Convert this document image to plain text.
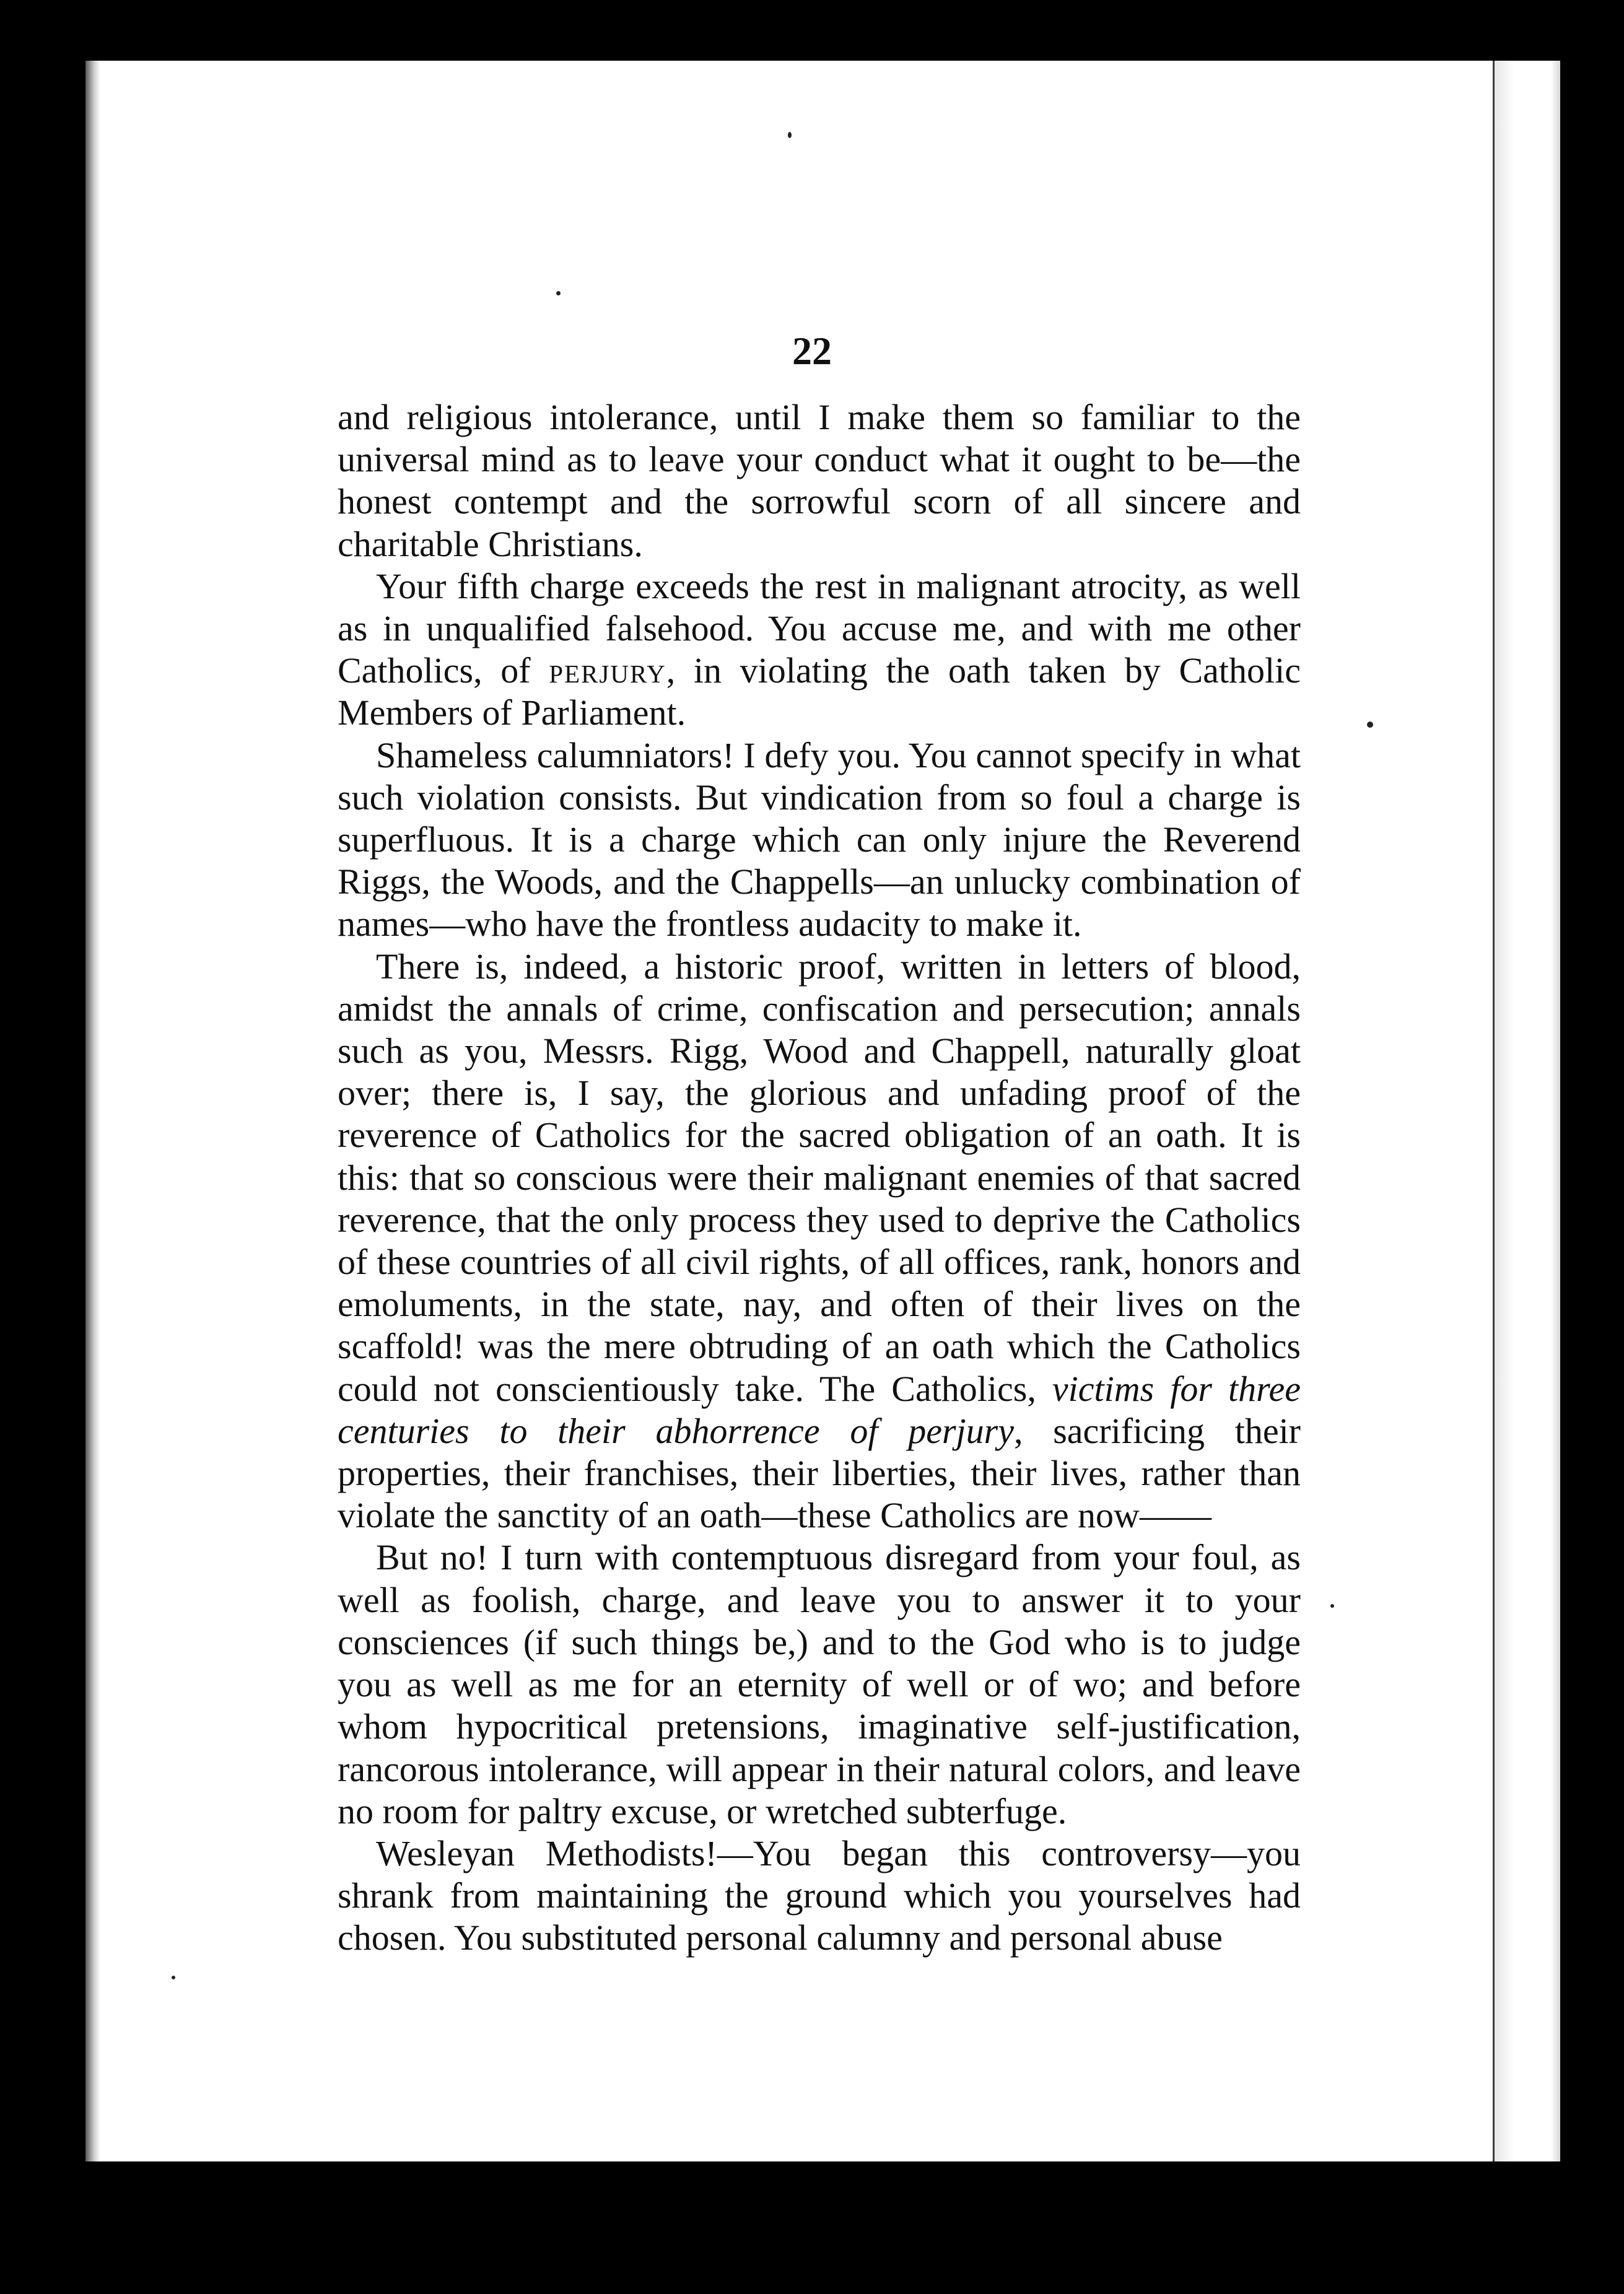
22

and religious intolerance, until I make them so familiar to the universal mind as to leave your conduct what it ought to be—the honest contempt and the sorrowful scorn of all sincere and charitable Christians.

Your fifth charge exceeds the rest in malignant atrocity, as well as in unqualified falsehood. You accuse me, and with me other Catholics, of perjury, in violating the oath taken by Catholic Members of Parliament.

Shameless calumniators! I defy you. You cannot specify in what such violation consists. But vindication from so foul a charge is superfluous. It is a charge which can only injure the Reverend Riggs, the Woods, and the Chappells—an unlucky combination of names—who have the frontless audacity to make it.

There is, indeed, a historic proof, written in letters of blood, amidst the annals of crime, confiscation and persecution; annals such as you, Messrs. Rigg, Wood and Chappell, naturally gloat over; there is, I say, the glorious and unfading proof of the reverence of Catholics for the sacred obligation of an oath. It is this: that so conscious were their malignant enemies of that sacred reverence, that the only process they used to deprive the Catholics of these countries of all civil rights, of all offices, rank, honors and emoluments, in the state, nay, and often of their lives on the scaffold! was the mere obtruding of an oath which the Catholics could not conscientiously take. The Catholics, victims for three centuries to their abhorrence of perjury, sacrificing their properties, their franchises, their liberties, their lives, rather than violate the sanctity of an oath—these Catholics are now——

But no! I turn with contemptuous disregard from your foul, as well as foolish, charge, and leave you to answer it to your consciences (if such things be,) and to the God who is to judge you as well as me for an eternity of well or of wo; and before whom hypocritical pretensions, imaginative self-justification, rancorous intolerance, will appear in their natural colors, and leave no room for paltry excuse, or wretched subterfuge.

Wesleyan Methodists!—You began this controversy—you shrank from maintaining the ground which you yourselves had chosen. You substituted personal calumny and personal abuse
